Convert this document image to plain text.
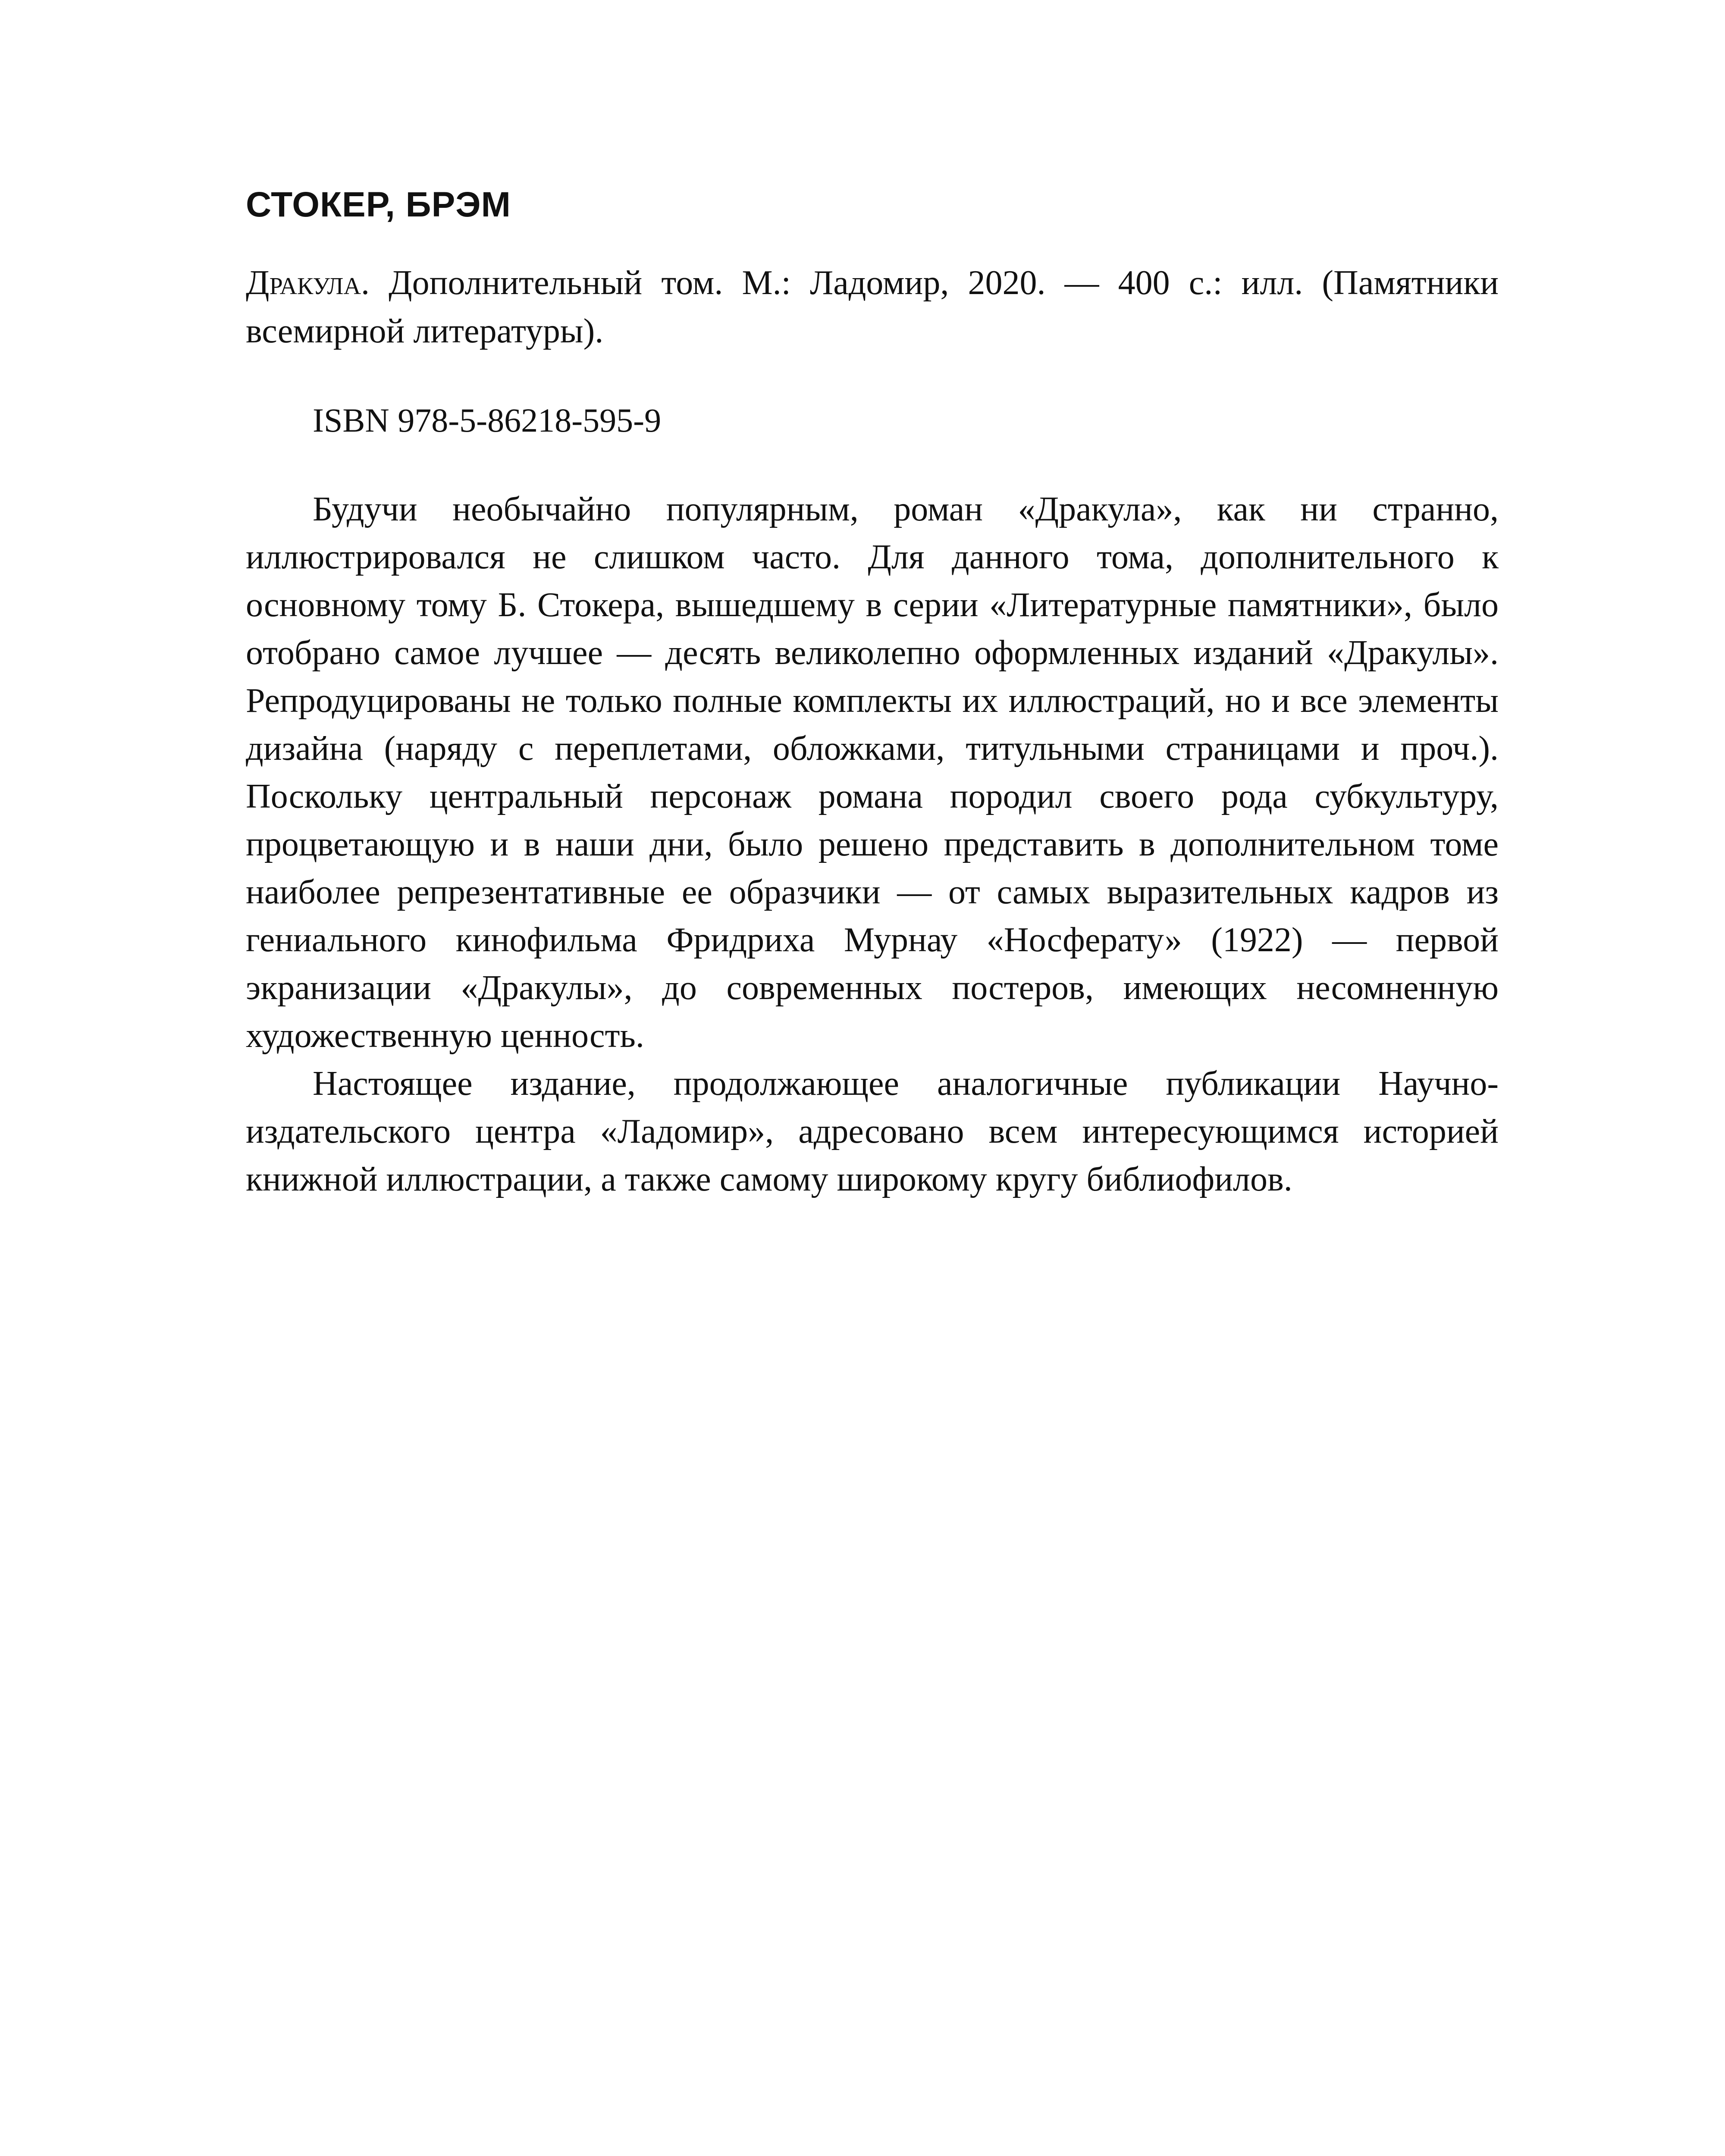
СТОКЕР, БРЭМ

Дракула. Дополнительный том. М.: Ладомир, 2020. — 400 с.: илл. (Памятники всемирной литературы).

ISBN 978-5-86218-595-9

Будучи необычайно популярным, роман «Дракула», как ни странно, иллюстрировался не слишком часто. Для данного тома, дополнительного к основному тому Б. Стокера, вышедшему в серии «Литературные памятники», было отобрано самое лучшее — десять великолепно оформленных изданий «Дракулы». Репродуцированы не только полные комплекты их иллюстраций, но и все элементы дизайна (наряду с переплетами, обложками, титульными страницами и проч.). Поскольку центральный персонаж романа породил своего рода субкультуру, процветающую и в наши дни, было решено представить в дополнительном томе наиболее репрезентативные ее образчики — от самых выразительных кадров из гениального кинофильма Фридриха Мурнау «Носферату» (1922) — первой экранизации «Дракулы», до современных постеров, имеющих несомненную художественную ценность.

Настоящее издание, продолжающее аналогичные публикации Научно-издательского центра «Ладомир», адресовано всем интересующимся историей книжной иллюстрации, а также самому широкому кругу библиофилов.
